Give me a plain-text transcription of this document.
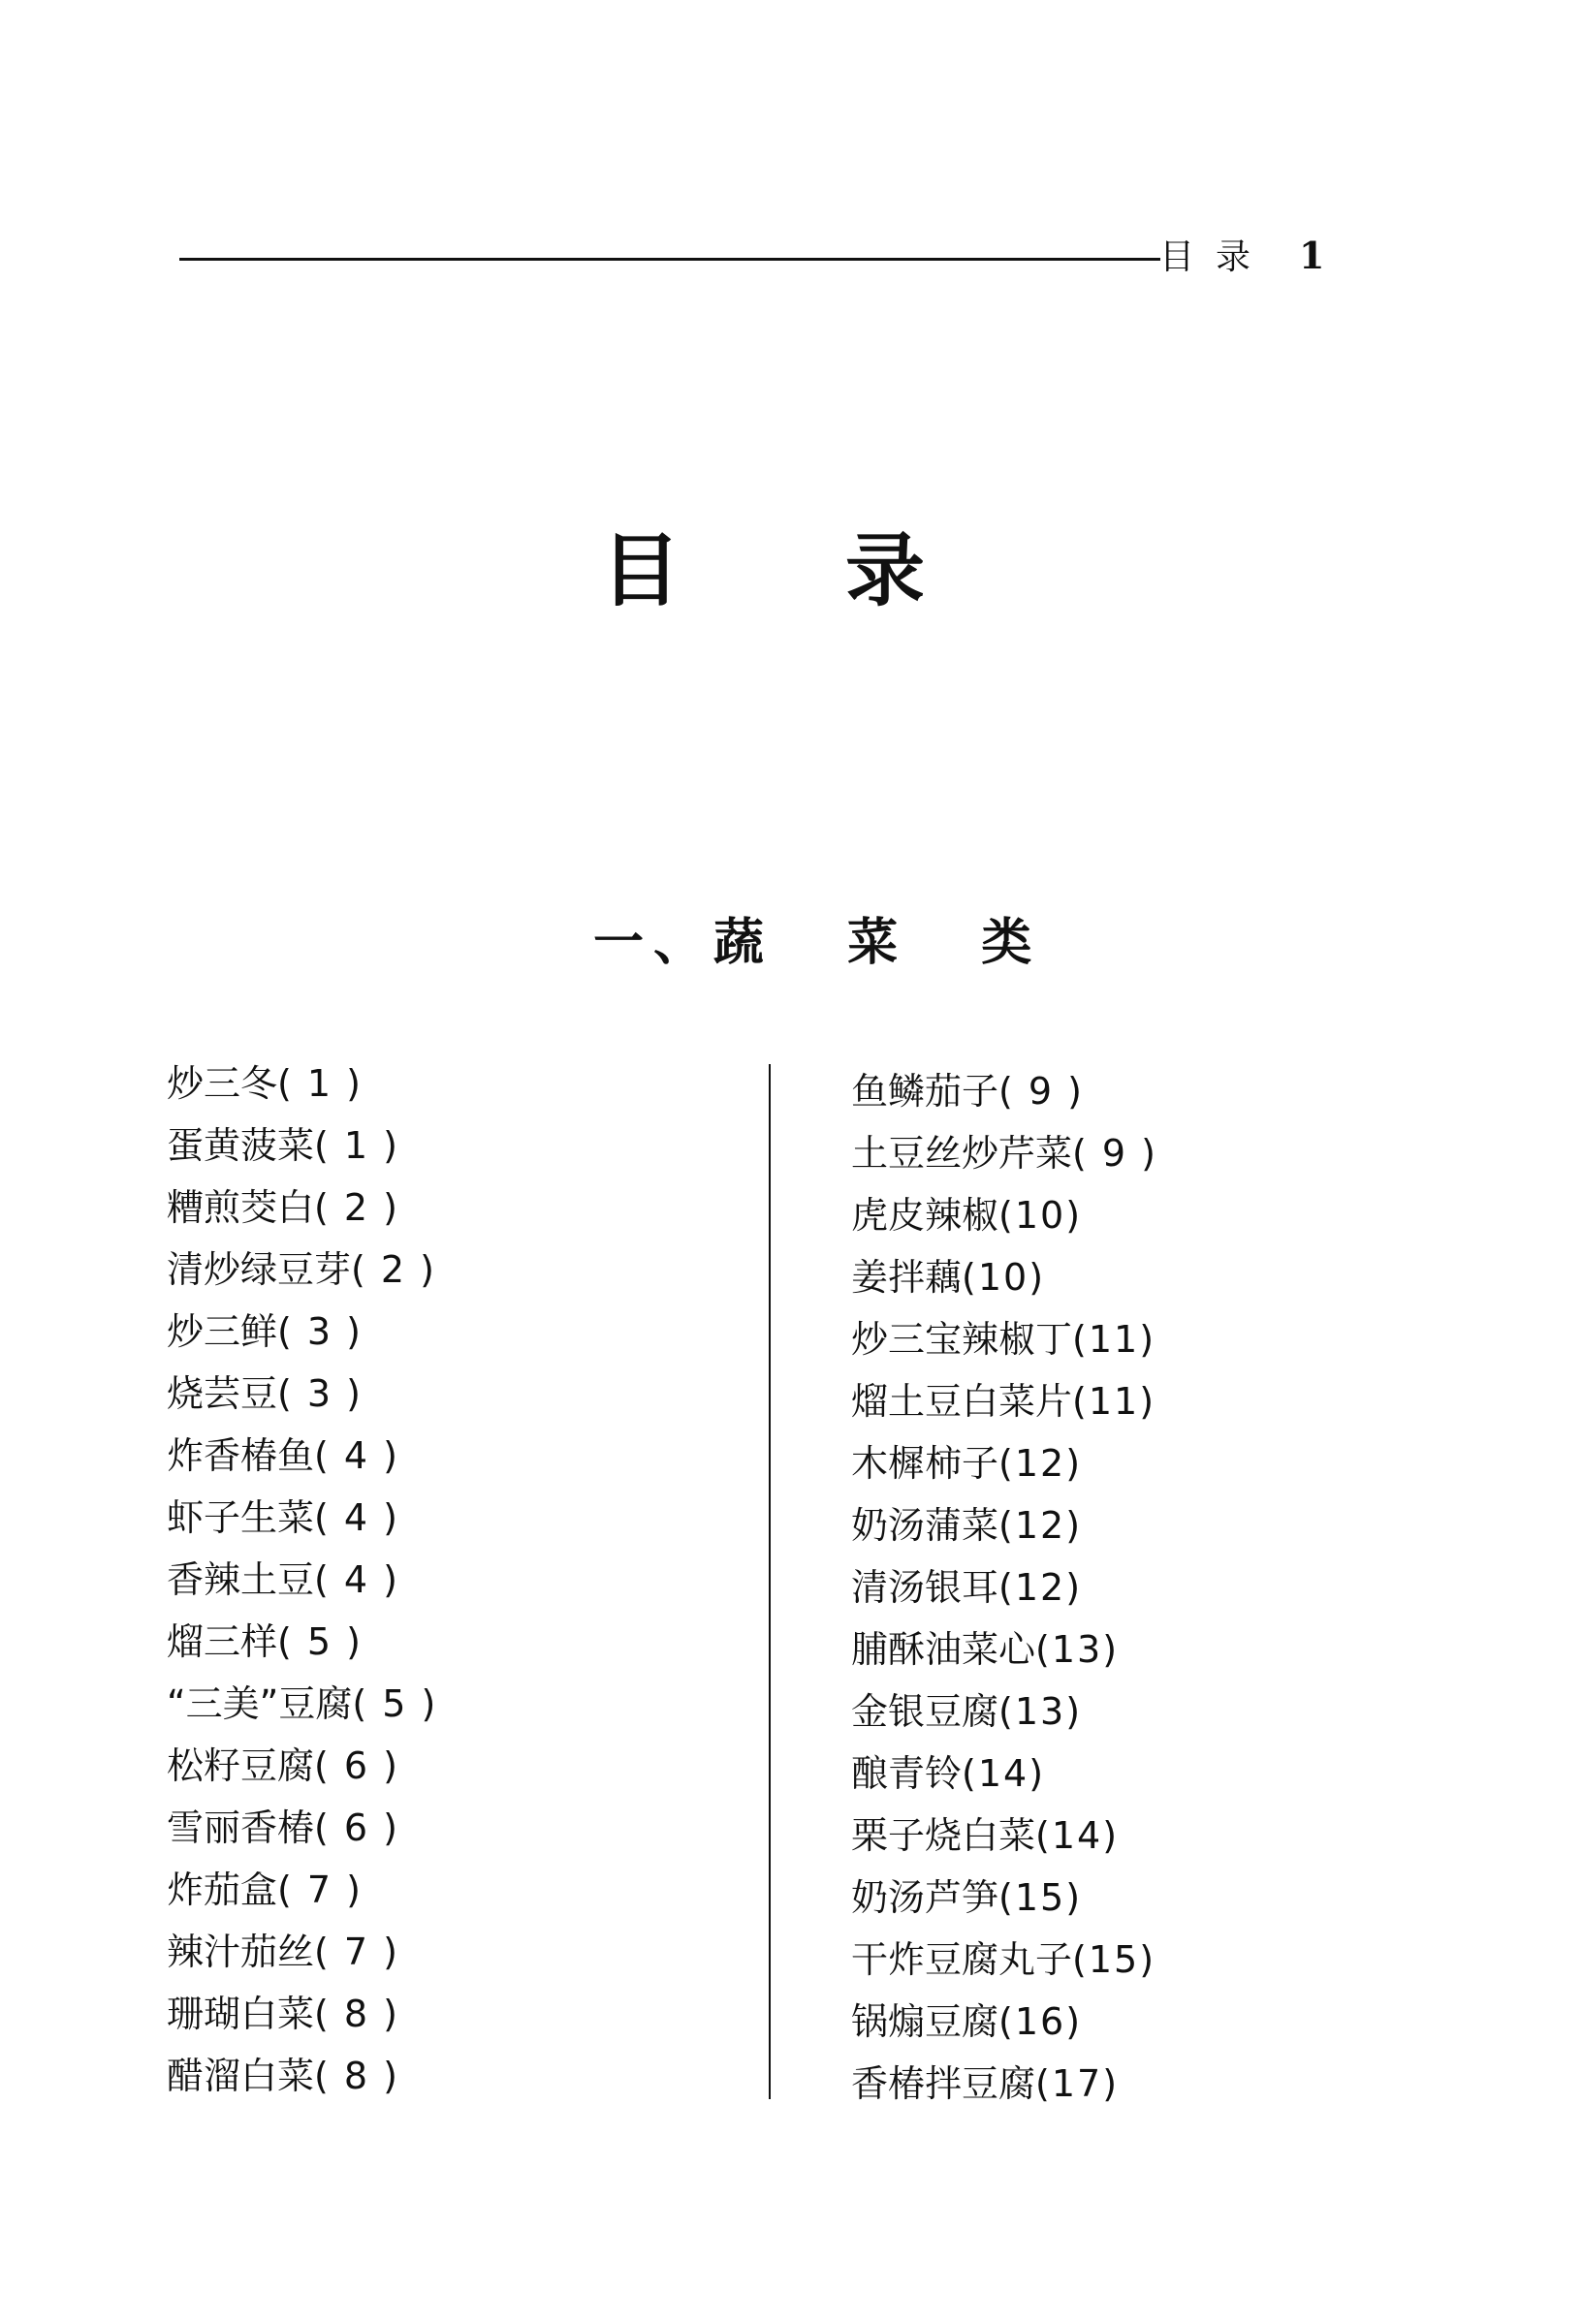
目录 1
目录
一、蔬 菜 类
炒三冬( 1 )
蛋黄菠菜( 1 )
糟煎茭白( 2 )
清炒绿豆芽( 2 )
炒三鲜( 3 )
烧芸豆( 3 )
炸香椿鱼( 4 )
虾子生菜( 4 )
香辣土豆( 4 )
熘三样( 5 )
“三美”豆腐( 5 )
松籽豆腐( 6 )
雪丽香椿( 6 )
炸茄盒( 7 )
辣汁茄丝( 7 )
珊瑚白菜( 8 )
醋溜白菜( 8 )
鱼鳞茄子( 9 )
土豆丝炒芹菜( 9 )
虎皮辣椒(10)
姜拌藕(10)
炒三宝辣椒丁(11)
熘土豆白菜片(11)
木樨柿子(12)
奶汤蒲菜(12)
清汤银耳(12)
脯酥油菜心(13)
金银豆腐(13)
酿青铃(14)
栗子烧白菜(14)
奶汤芦笋(15)
干炸豆腐丸子(15)
锅煽豆腐(16)
香椿拌豆腐(17)
